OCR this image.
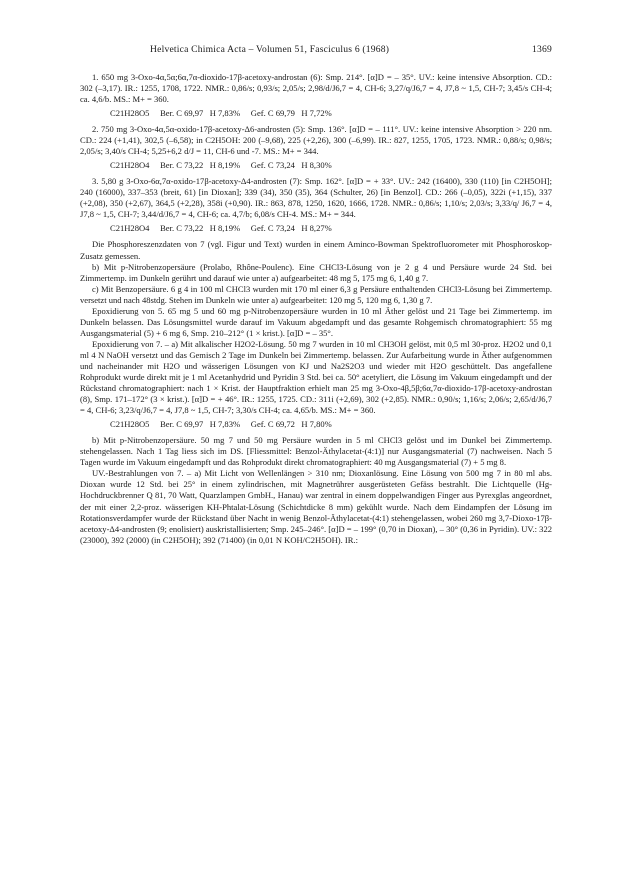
Helvetica Chimica Acta – Volumen 51, Fasciculus 6 (1968)	1369
1. 650 mg 3-Oxo-4α,5α;6α,7α-dioxido-17β-acetoxy-androstan (6): Smp. 214°. [α]D = – 35°. UV.: keine intensive Absorption. CD.: 302 (–3,17). IR.: 1255, 1708, 1722. NMR.: 0,86/s; 0,93/s; 2,05/s; 2,98/d/J6,7 = 4, CH-6; 3,27/q/J6,7 = 4, J7,8 ~ 1,5, CH-7; 3,45/s CH-4; ca. 4,6/b. MS.: M+ = 360.
C21H28O5     Ber. C 69,97   H 7,83%     Gef. C 69,79   H 7,72%
2. 750 mg 3-Oxo-4α,5α-oxido-17β-acetoxy-Δ6-androsten (5): Smp. 136°. [α]D = – 111°. UV.: keine intensive Absorption > 220 nm. CD.: 224 (+1,41), 302,5 (–6,58); in C2H5OH: 200 (–9,68), 225 (+2,26), 300 (–6,99). IR.: 827, 1255, 1705, 1723. NMR.: 0,88/s; 0,98/s; 2,05/s; 3,40/s CH-4; 5,25+6,2 d/J = 11, CH-6 und -7. MS.: M+ = 344.
C21H28O4     Ber. C 73,22   H 8,19%     Gef. C 73,24   H 8,30%
3. 5,80 g 3-Oxo-6α,7α-oxido-17β-acetoxy-Δ4-androsten (7): Smp. 162°. [α]D = + 33°. UV.: 242 (16400), 330 (110) [in C2H5OH]; 240 (16000), 337–353 (breit, 61) [in Dioxan]; 339 (34), 350 (35), 364 (Schulter, 26) [in Benzol]. CD.: 266 (–0,05), 322i (+1,15), 337 (+2,08), 350 (+2,67), 364,5 (+2,28), 358i (+0,90). IR.: 863, 878, 1250, 1620, 1666, 1728. NMR.: 0,86/s; 1,10/s; 2,03/s; 3,33/q/ J6,7 = 4, J7,8 ~ 1,5, CH-7; 3,44/d/J6,7 = 4, CH-6; ca. 4,7/b; 6,08/s CH-4. MS.: M+ = 344.
C21H28O4     Ber. C 73,22   H 8,19%     Gef. C 73,24   H 8,27%
Die Phosphoreszenzdaten von 7 (vgl. Figur und Text) wurden in einem Aminco-Bowman Spektrofluorometer mit Phosphoroskop-Zusatz gemessen.
b) Mit p-Nitrobenzopersäure (Prolabo, Rhône-Poulenc). Eine CHCl3-Lösung von je 2 g 4 und Persäure wurde 24 Std. bei Zimmertemp. im Dunkeln gerührt und darauf wie unter a) aufgearbeitet: 48 mg 5, 175 mg 6, 1,40 g 7.
c) Mit Benzopersäure. 6 g 4 in 100 ml CHCl3 wurden mit 170 ml einer 6,3 g Persäure enthaltenden CHCl3-Lösung bei Zimmertemp. versetzt und nach 48stdg. Stehen im Dunkeln wie unter a) aufgearbeitet: 120 mg 5, 120 mg 6, 1,30 g 7.
Epoxidierung von 5. 65 mg 5 und 60 mg p-Nitrobenzopersäure wurden in 10 ml Äther gelöst und 21 Tage bei Zimmertemp. im Dunkeln belassen. Das Lösungsmittel wurde darauf im Vakuum abgedampft und das gesamte Rohgemisch chromatographiert: 55 mg Ausgangsmaterial (5) + 6 mg 6, Smp. 210–212° (1 × krist.). [α]D = – 35°.
Epoxidierung von 7. – a) Mit alkalischer H2O2-Lösung. 50 mg 7 wurden in 10 ml CH3OH gelöst, mit 0,5 ml 30-proz. H2O2 und 0,1 ml 4 N NaOH versetzt und das Gemisch 2 Tage im Dunkeln bei Zimmertemp. belassen. Zur Aufarbeitung wurde in Äther aufgenommen und nacheinander mit H2O und wässerigen Lösungen von KJ und Na2S2O3 und wieder mit H2O geschüttelt. Das angefallene Rohprodukt wurde direkt mit je 1 ml Acetanhydrid und Pyridin 3 Std. bei ca. 50° acetyliert, die Lösung im Vakuum eingedampft und der Rückstand chromatographiert: nach 1 × Krist. der Hauptfraktion erhielt man 25 mg 3-Oxo-4β,5β;6α,7α-dioxido-17β-acetoxy-androstan (8), Smp. 171–172° (3 × krist.). [α]D = + 46°. IR.: 1255, 1725. CD.: 311i (+2,69), 302 (+2,85). NMR.: 0,90/s; 1,16/s; 2,06/s; 2,65/d/J6,7 = 4, CH-6; 3,23/q/J6,7 = 4, J7,8 ~ 1,5, CH-7; 3,30/s CH-4; ca. 4,65/b. MS.: M+ = 360.
C21H28O5     Ber. C 69,97   H 7,83%     Gef. C 69,72   H 7,80%
b) Mit p-Nitrobenzopersäure. 50 mg 7 und 50 mg Persäure wurden in 5 ml CHCl3 gelöst und im Dunkel bei Zimmertemp. stehengelassen. Nach 1 Tag liess sich im DS. [Fliessmittel: Benzol-Äthylacetat-(4:1)] nur Ausgangsmaterial (7) nachweisen. Nach 5 Tagen wurde im Vakuum eingedampft und das Rohprodukt direkt chromatographiert: 40 mg Ausgangsmaterial (7) + 5 mg 8.
UV.-Bestrahlungen von 7. – a) Mit Licht von Wellenlängen > 310 nm; Dioxanlösung. Eine Lösung von 500 mg 7 in 80 ml abs. Dioxan wurde 12 Std. bei 25° in einem zylindrischen, mit Magnetrührer ausgerüsteten Gefäss bestrahlt. Die Lichtquelle (Hg-Hochdruckbrenner Q 81, 70 Watt, Quarzlampen GmbH., Hanau) war zentral in einem doppelwandigen Finger aus Pyrexglas angeordnet, der mit einer 2,2-proz. wässerigen KH-Phtalat-Lösung (Schichtdicke 8 mm) gekühlt wurde. Nach dem Eindampfen der Lösung im Rotationsverdampfer wurde der Rückstand über Nacht in wenig Benzol-Äthylacetat-(4:1) stehengelassen, wobei 260 mg 3,7-Dioxo-17β-acetoxy-Δ4-androsten (9; enolisiert) auskristallisierten; Smp. 245–246°. [α]D = – 199° (0,70 in Dioxan), – 30° (0,36 in Pyridin). UV.: 322 (23000), 392 (2000) (in C2H5OH); 392 (71400) (in 0,01 N KOH/C2H5OH). IR.:
